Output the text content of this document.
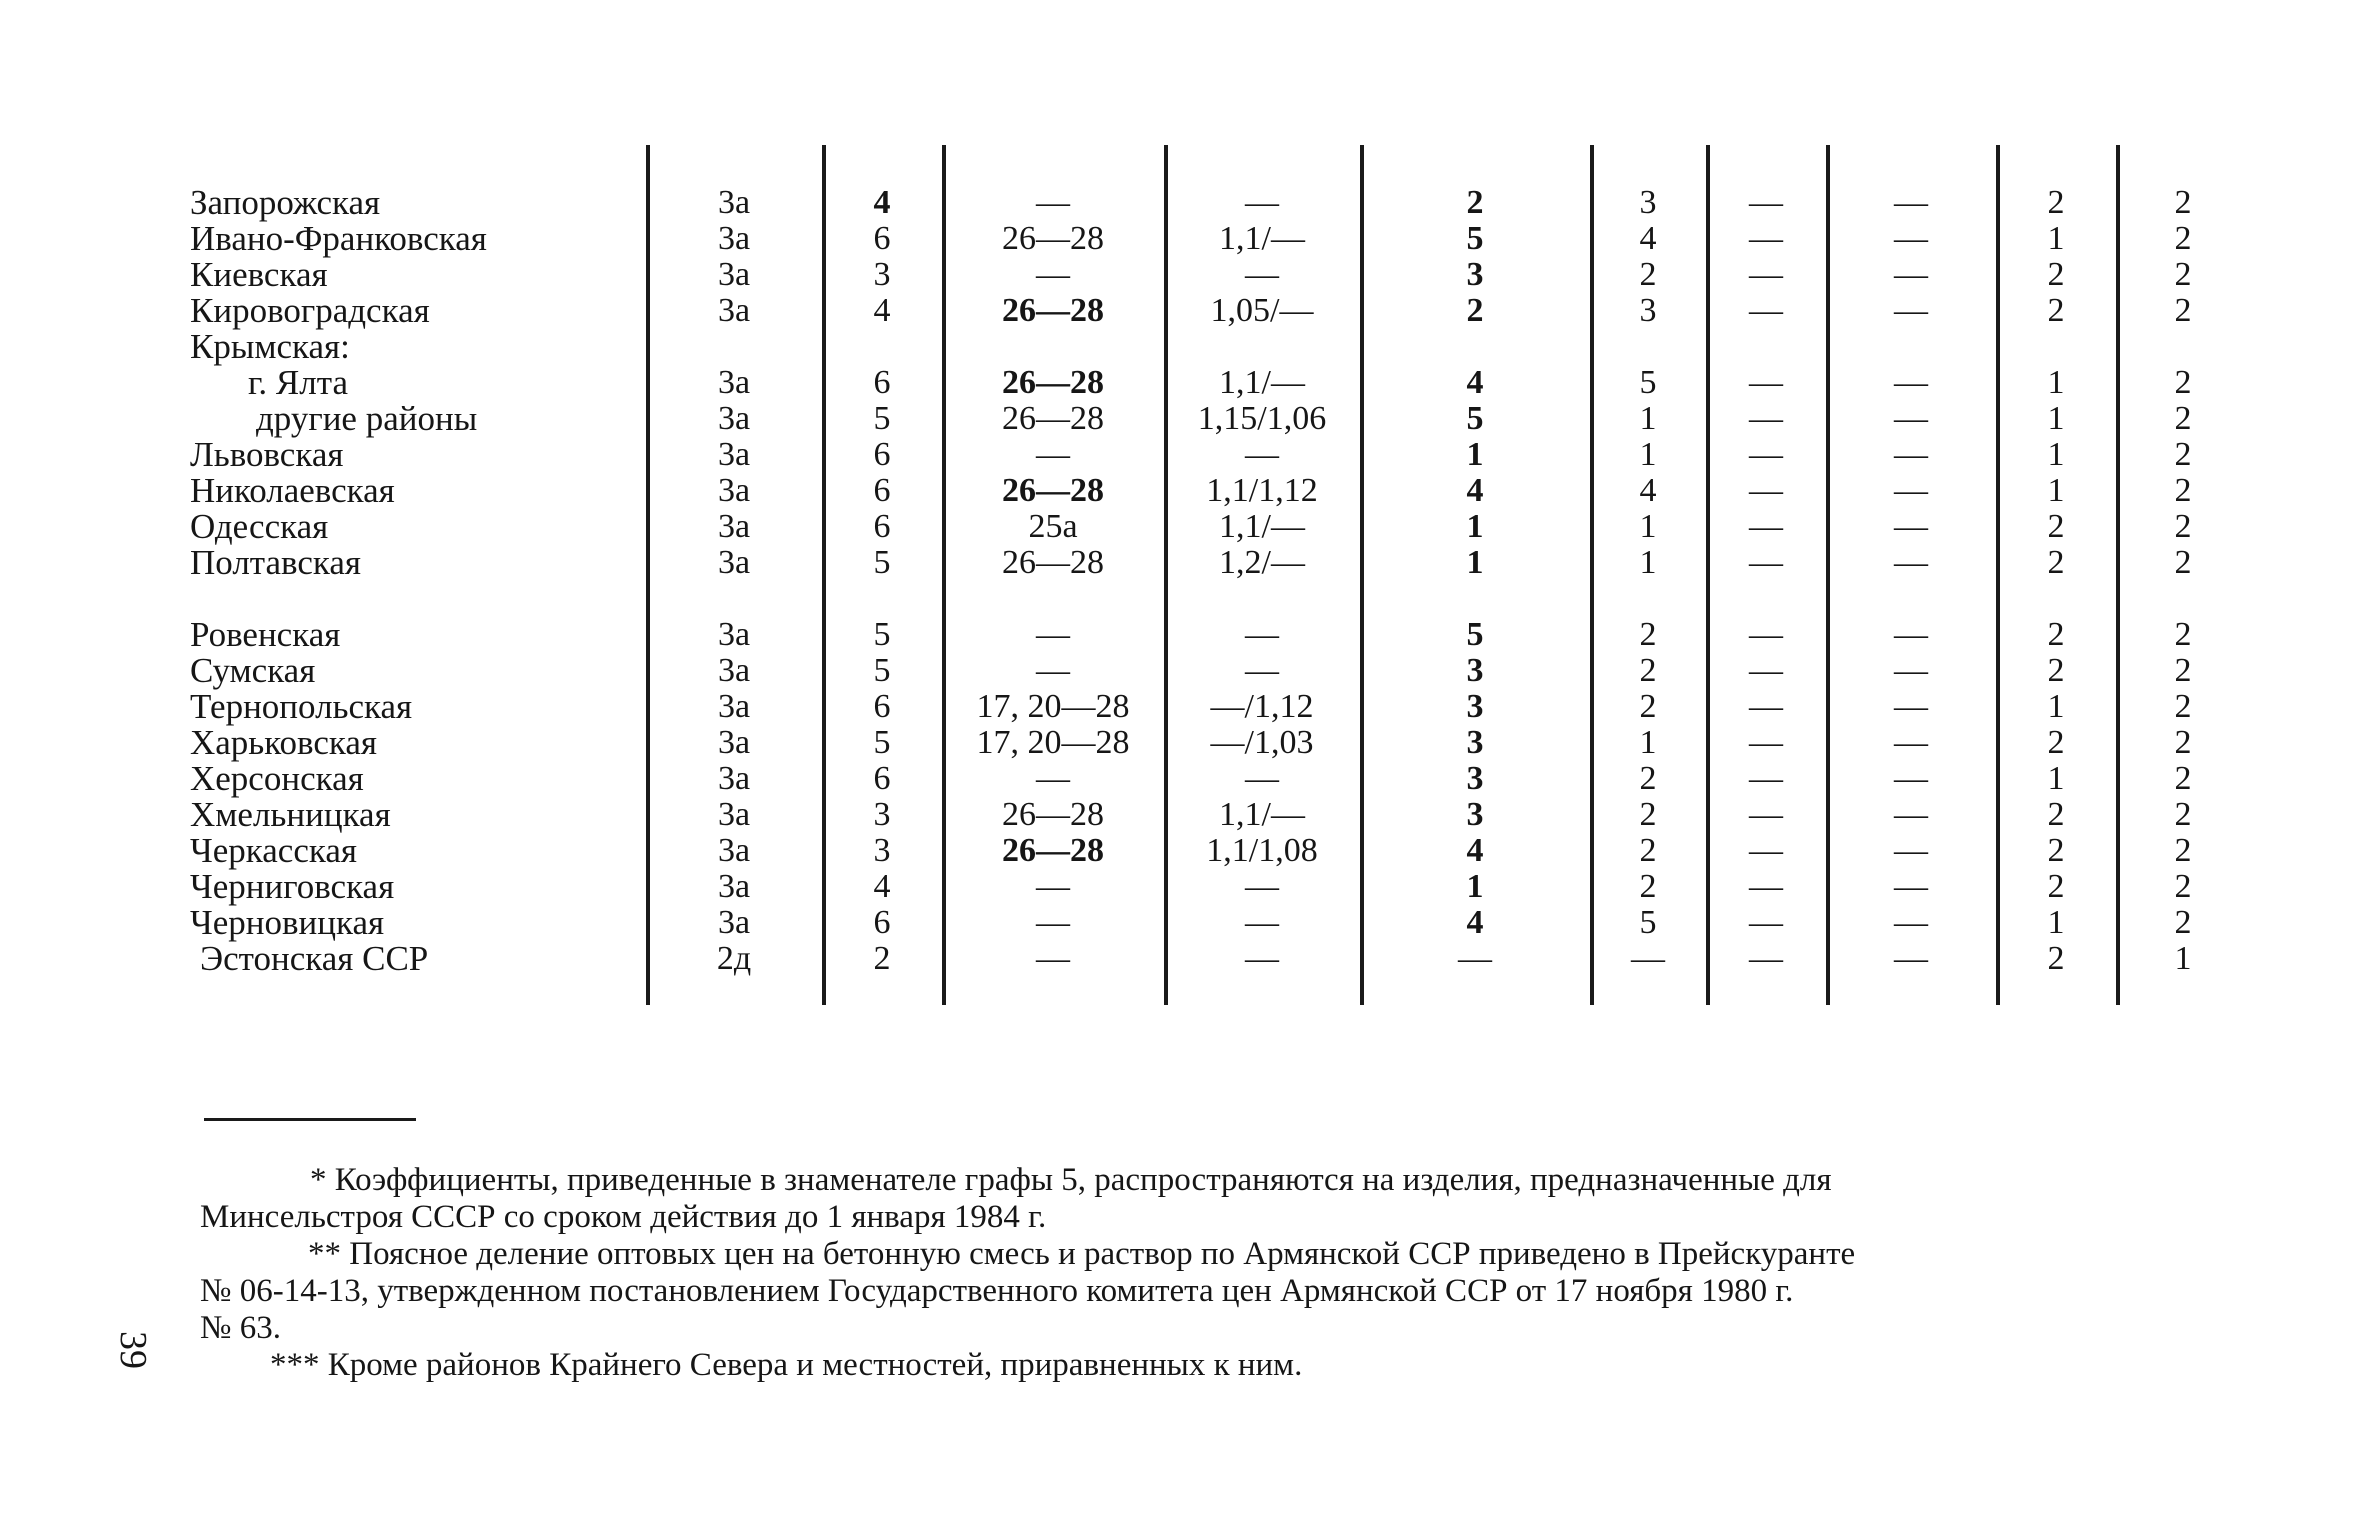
Запорожская	3а	4	—	—	2	3	—	—	2	2
Ивано-Франковская	3а	6	26—28	1,1/—	5	4	—	—	1	2
Киевская	3а	3	—	—	3	2	—	—	2	2
Кировоградская	3а	4	26—28	1,05/—	2	3	—	—	2	2
Крымская:										
г. Ялта	3а	6	26—28	1,1/—	4	5	—	—	1	2
другие районы	3а	5	26—28	1,15/1,06	5	1	—	—	1	2
Львовская	3а	6	—	—	1	1	—	—	1	2
Николаевская	3а	6	26—28	1,1/1,12	4	4	—	—	1	2
Одесская	3а	6	25а	1,1/—	1	1	—	—	2	2
Полтавская	3а	5	26—28	1,2/—	1	1	—	—	2	2

Ровенская	3а	5	—	—	5	2	—	—	2	2
Сумская	3а	5	—	—	3	2	—	—	2	2
Тернопольская	3а	6	17, 20—28	—/1,12	3	2	—	—	1	2
Харьковская	3а	5	17, 20—28	—/1,03	3	1	—	—	2	2
Херсонская	3а	6	—	—	3	2	—	—	1	2
Хмельницкая	3а	3	26—28	1,1/—	3	2	—	—	2	2
Черкасская	3а	3	26—28	1,1/1,08	4	2	—	—	2	2
Черниговская	3а	4	—	—	1	2	—	—	2	2
Черновицкая	3а	6	—	—	4	5	—	—	1	2
Эстонская ССР	2д	2	—	—	—	—	—	—	2	1

* Коэффициенты, приведенные в знаменателе графы 5, распространяются на изделия, предназначенные для
Минсельстроя СССР со сроком действия до 1 января 1984 г.

** Поясное деление оптовых цен на бетонную смесь и раствор по Армянской ССР приведено в Прейскуранте
№ 06-14-13, утвержденном постановлением Государственного комитета цен Армянской ССР от 17 ноября 1980 г.
№ 63.

*** Кроме районов Крайнего Севера и местностей, приравненных к ним.

39
